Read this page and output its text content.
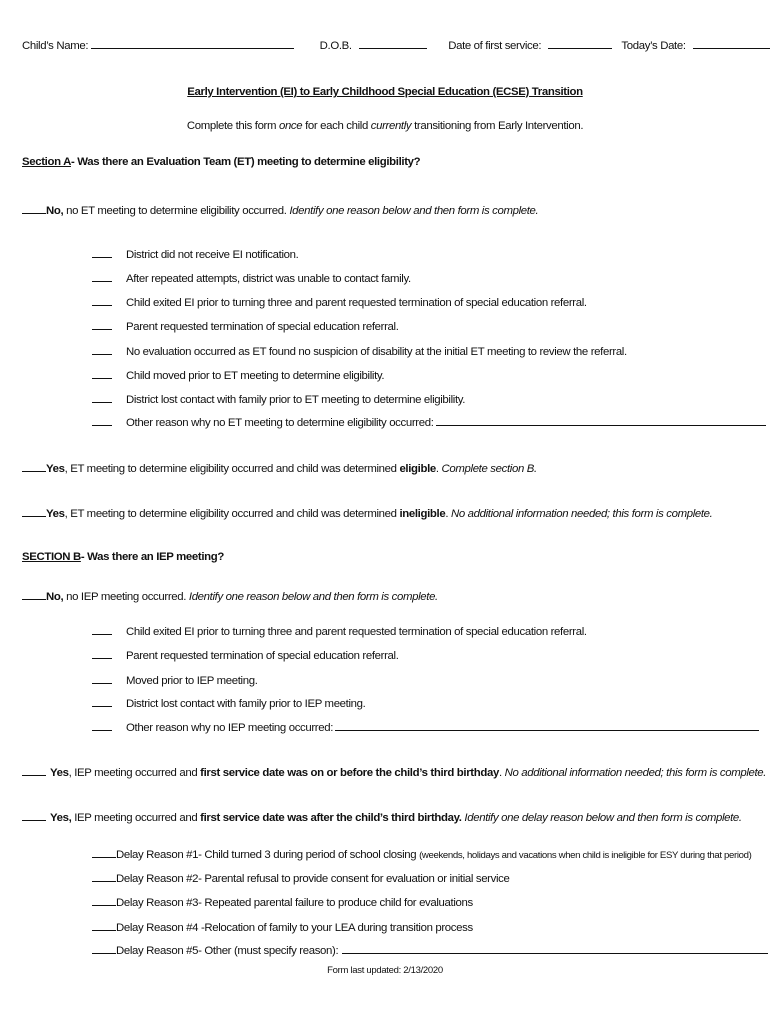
Child’s Name:	D.O.B.	Date of first service:	Today’s Date:
Early Intervention (EI) to Early Childhood Special Education (ECSE) Transition
Complete this form once for each child currently transitioning from Early Intervention.
Section A- Was there an Evaluation Team (ET) meeting to determine eligibility?
No, no ET meeting to determine eligibility occurred. Identify one reason below and then form is complete.
District did not receive EI notification.
After repeated attempts, district was unable to contact family.
Child exited EI prior to turning three and parent requested termination of special education referral.
Parent requested termination of special education referral.
No evaluation occurred as ET found no suspicion of disability at the initial ET meeting to review the referral.
Child moved prior to ET meeting to determine eligibility.
District lost contact with family prior to ET meeting to determine eligibility.
Other reason why no ET meeting to determine eligibility occurred:
Yes, ET meeting to determine eligibility occurred and child was determined eligible. Complete section B.
Yes, ET meeting to determine eligibility occurred and child was determined ineligible. No additional information needed; this form is complete.
SECTION B- Was there an IEP meeting?
No, no IEP meeting occurred. Identify one reason below and then form is complete.
Child exited EI prior to turning three and parent requested termination of special education referral.
Parent requested termination of special education referral.
Moved prior to IEP meeting.
District lost contact with family prior to IEP meeting.
Other reason why no IEP meeting occurred:
Yes, IEP meeting occurred and first service date was on or before the child’s third birthday. No additional information needed; this form is complete.
Yes, IEP meeting occurred and first service date was after the child’s third birthday. Identify one delay reason below and then form is complete.
Delay Reason #1- Child turned 3 during period of school closing (weekends, holidays and vacations when child is ineligible for ESY during that period)
Delay Reason #2- Parental refusal to provide consent for evaluation or initial service
Delay Reason #3- Repeated parental failure to produce child for evaluations
Delay Reason #4 -Relocation of family to your LEA during transition process
Delay Reason #5- Other (must specify reason):
Form last updated: 2/13/2020
